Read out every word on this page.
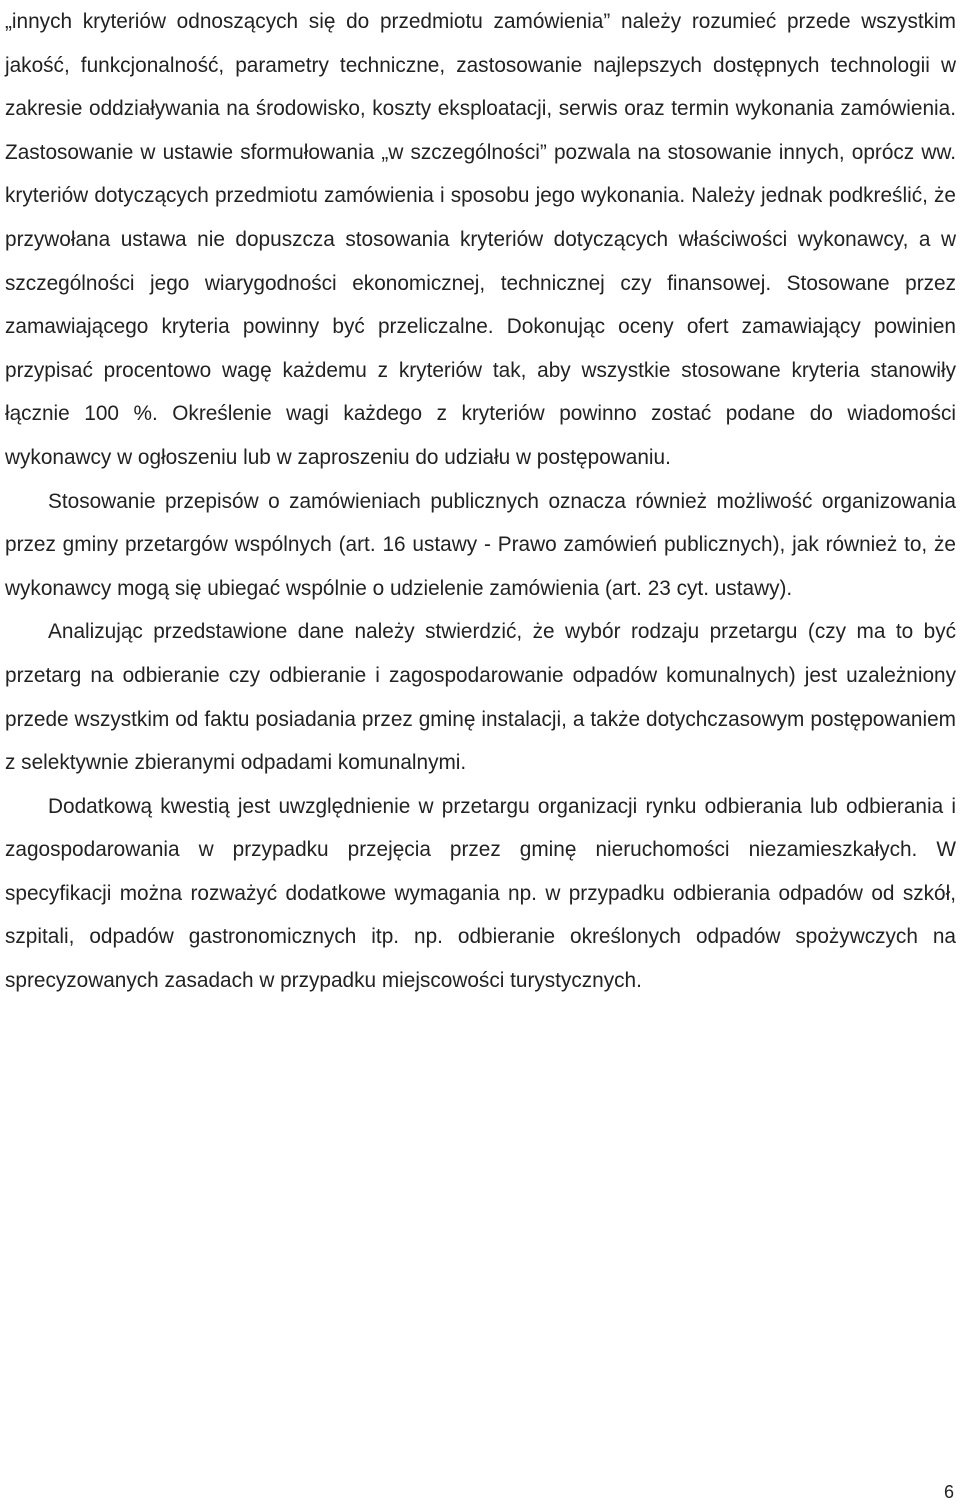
„innych kryteriów odnoszących się do przedmiotu zamówienia” należy rozumieć przede wszystkim jakość, funkcjonalność, parametry techniczne, zastosowanie najlepszych dostępnych technologii w zakresie oddziaływania na środowisko, koszty eksploatacji, serwis oraz termin wykonania zamówienia. Zastosowanie w ustawie sformułowania „w szczególności” pozwala na stosowanie innych, oprócz ww. kryteriów dotyczących przedmiotu zamówienia i sposobu jego wykonania. Należy jednak podkreślić, że przywołana ustawa nie dopuszcza stosowania kryteriów dotyczących właściwości wykonawcy, a w szczególności jego wiarygodności ekonomicznej, technicznej czy finansowej. Stosowane przez zamawiającego kryteria powinny być przeliczalne. Dokonując oceny ofert zamawiający powinien przypisać procentowo wagę każdemu z kryteriów tak, aby wszystkie stosowane kryteria stanowiły łącznie 100 %. Określenie wagi każdego z kryteriów powinno zostać podane do wiadomości wykonawcy w ogłoszeniu lub w zaproszeniu do udziału w postępowaniu.

Stosowanie przepisów o zamówieniach publicznych oznacza również możliwość organizowania przez gminy przetargów wspólnych (art. 16 ustawy - Prawo zamówień publicznych), jak również to, że wykonawcy mogą się ubiegać wspólnie o udzielenie zamówienia (art. 23 cyt. ustawy).

Analizując przedstawione dane należy stwierdzić, że wybór rodzaju przetargu (czy ma to być przetarg na odbieranie czy odbieranie i zagospodarowanie odpadów komunalnych) jest uzależniony przede wszystkim od faktu posiadania przez gminę instalacji, a także dotychczasowym postępowaniem z selektywnie zbieranymi odpadami komunalnymi.

Dodatkową kwestią jest uwzględnienie w przetargu organizacji rynku odbierania lub odbierania i zagospodarowania w przypadku przejęcia przez gminę nieruchomości niezamieszkałych. W specyfikacji można rozważyć dodatkowe wymagania np. w przypadku odbierania odpadów od szkół, szpitali, odpadów gastronomicznych itp. np. odbieranie określonych odpadów spożywczych na sprecyzowanych zasadach w przypadku miejscowości turystycznych.

6
